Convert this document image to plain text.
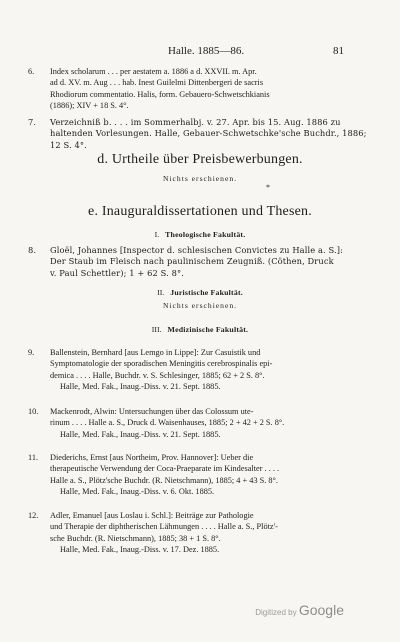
Halle. 1885—86.	81
6.	Index scholarum . . . per aestatem a. 1886 a d. XXVII. m. Apr.
ad d. XV. m. Aug . . . hab. Inest Guilelmi Dittenbergeri de sacris
Rhodiorum commentatio. Halis, form. Gebauero-Schwetschkianis
(1886); XIV + 18 S. 4°.
7.	Verzeichniß b. . . . im Sommerhalbj. v. 27. Apr. bis 15. Aug. 1886 zu
haltenden Vorlesungen. Halle, Gebauer-Schwetschke'sche Buchdr., 1886;
12 S. 4°.
d. Urtheile über Preisbewerbungen.
Nichts erschienen.
*
e. Inauguraldissertationen und Thesen.
I. Theologische Fakultät.
8.	Gloël, Johannes [Inspector d. schlesischen Convictes zu Halle a. S.]:
Der Staub im Fleisch nach paulinischem Zeugniß. (Cöthen, Druck
v. Paul Schettler); 1 + 62 S. 8°.
II. Juristische Fakultät.
Nichts erschienen.
III. Medizinische Fakultät.
9.	Ballenstein, Bernhard [aus Lemgo in Lippe]: Zur Casuistik und
Symptomatologie der sporadischen Meningitis cerebrospinalis epi-
demica . . . . Halle, Buchdr. v. S. Schlesinger, 1885; 62 + 2 S. 8°.
Halle, Med. Fak., Inaug.-Diss. v. 21. Sept. 1885.
10.	Mackenrodt, Alwin: Untersuchungen über das Colossum ute-
rinum . . . . Halle a. S., Druck d. Waisenhauses, 1885; 2 + 42 + 2 S. 8°.
Halle, Med. Fak., Inaug.-Diss. v. 21. Sept. 1885.
11.	Diederichs, Ernst [aus Northeim, Prov. Hannover]: Ueber die
therapeutische Verwendung der Coca-Praeparate im Kindesalter . . . .
Halle a. S., Plötz'sche Buchdr. (R. Nietschmann), 1885; 4 + 43 S. 8°.
Halle, Med. Fak., Inaug.-Diss. v. 6. Okt. 1885.
12.	Adler, Emanuel [aus Loslau i. Schl.]: Beiträge zur Pathologie
und Therapie der diphtherischen Lähmungen . . . . Halle a. S., Plötz'-
sche Buchdr. (R. Nietschmann), 1885; 38 + 1 S. 8°.
Halle, Med. Fak., Inaug.-Diss. v. 17. Dez. 1885.
Digitized by Google
